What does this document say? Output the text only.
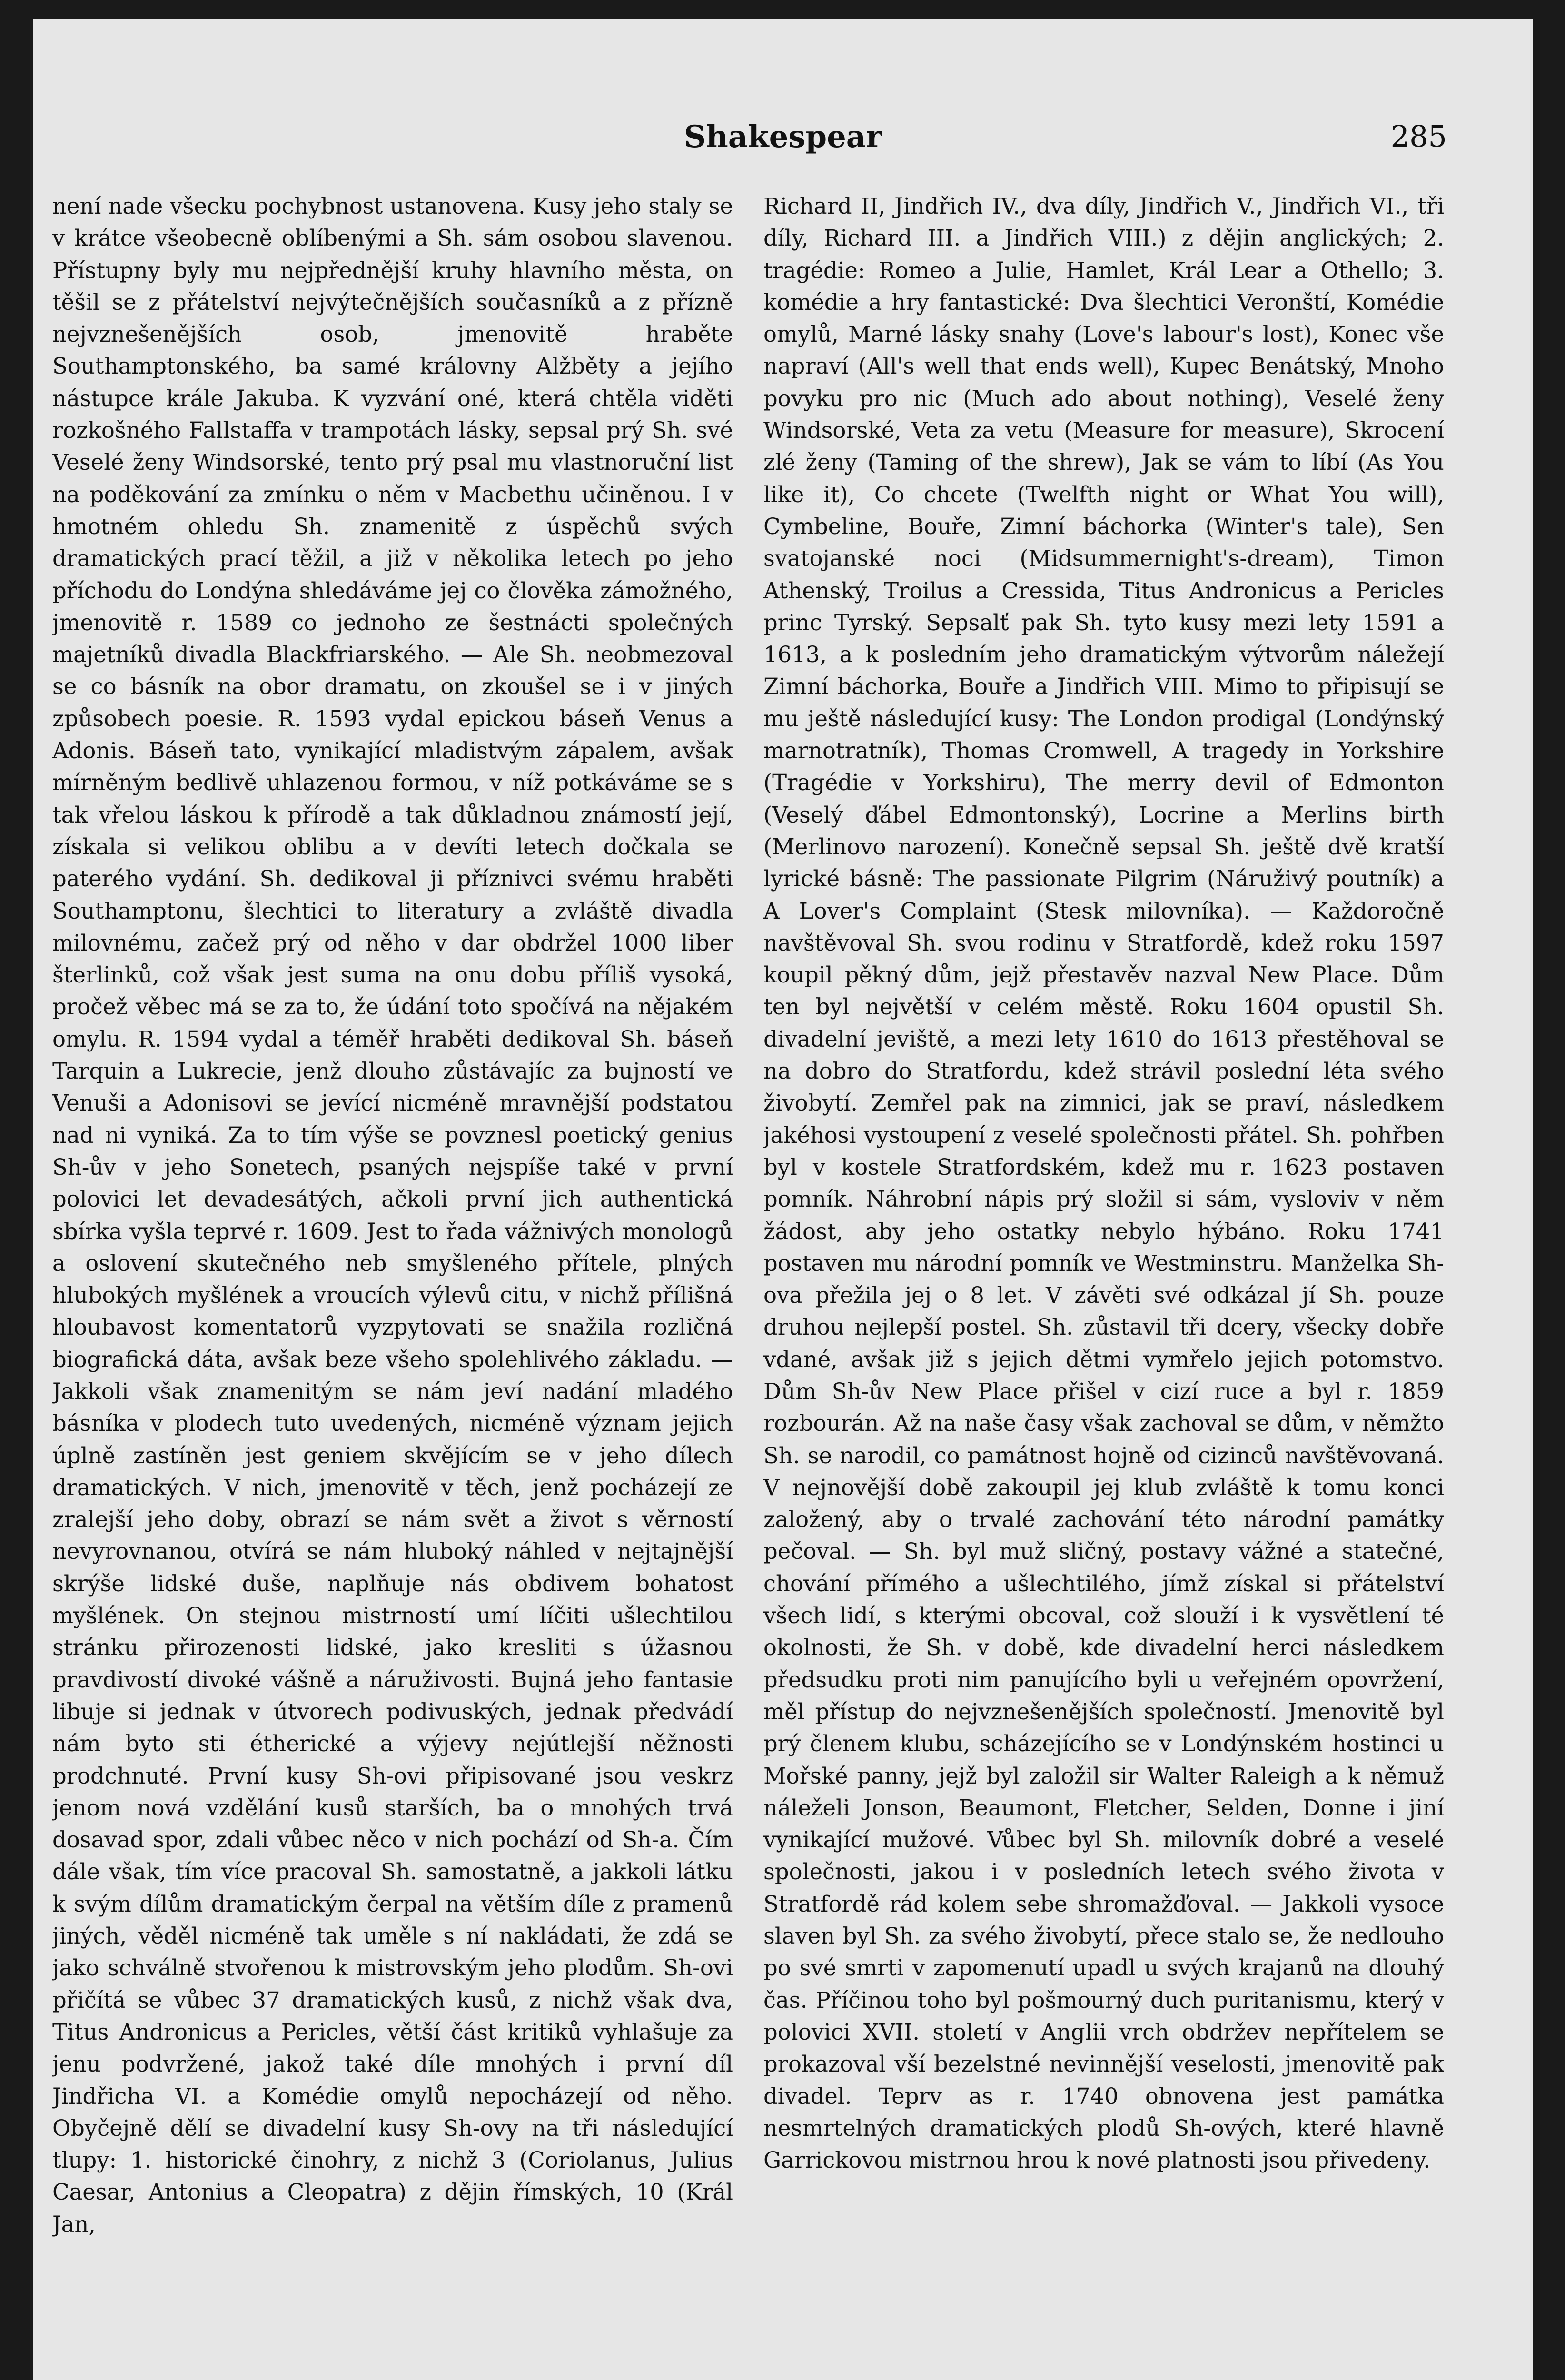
Shakespear	285

není nade všecku pochybnost ustanovena. Kusy jeho staly se v krátce všeobecně oblíbenými a Sh. sám osobou slavenou. Přístupny byly mu nejpřednější kruhy hlavního města, on těšil se z přátelství nejvýtečnějších současníků a z přízně nejvznešenějších osob, jmenovitě hraběte Southamptonského, ba samé královny Alžběty a jejího nástupce krále Jakuba. K vyzvání oné, která chtěla viděti rozkošného Fallstaffa v trampotách lásky, sepsal prý Sh. své Veselé ženy Windsorské, tento prý psal mu vlastnoruční list na poděkování za zmínku o něm v Macbethu učiněnou. I v hmotném ohledu Sh. znamenitě z úspěchů svých dramatických prací těžil, a již v několika letech po jeho příchodu do Londýna shledáváme jej co člověka zámožného, jmenovitě r. 1589 co jednoho ze šestnácti společných majetníků divadla Blackfriarského. — Ale Sh. neobmezoval se co básník na obor dramatu, on zkoušel se i v jiných způsobech poesie. R. 1593 vydal epickou báseň Venus a Adonis. Báseň tato, vynikající mladistvým zápalem, avšak mírněným bedlivě uhlazenou formou, v níž potkáváme se s tak vřelou láskou k přírodě a tak důkladnou známostí její, získala si velikou oblibu a v devíti letech dočkala se paterého vydání. Sh. dedikoval ji příznivci svému hraběti Southamptonu, šlechtici to literatury a zvláště divadla milovnému, začež prý od něho v dar obdržel 1000 liber šterlinků, což však jest suma na onu dobu příliš vysoká, pročež věbec má se za to, že údání toto spočívá na nějakém omylu. R. 1594 vydal a téměř hraběti dedikoval Sh. báseň Tarquin a Lukrecie, jenž dlouho zůstávajíc za bujností ve Venuši a Adonisovi se jevící nicméně mravnější podstatou nad ni vyniká. Za to tím výše se povznesl poetický genius Sh-ův v jeho Sonetech, psaných nejspíše také v první polovici let devadesátých, ačkoli první jich authentická sbírka vyšla teprvé r. 1609. Jest to řada vážnivých monologů a oslovení skutečného neb smyšleného přítele, plných hlubokých myšlének a vroucích výlevů citu, v nichž přílišná hloubavost komentatorů vyzpytovati se snažila rozličná biografická dáta, avšak beze všeho spolehlivého základu. — Jakkoli však znamenitým se nám jeví nadání mladého básníka v plodech tuto uvedených, nicméně význam jejich úplně zastíněn jest geniem skvějícím se v jeho dílech dramatických. V nich, jmenovitě v těch, jenž pocházejí ze zralejší jeho doby, obrazí se nám svět a život s věrností nevyrovnanou, otvírá se nám hluboký náhled v nejtajnější skrýše lidské duše, naplňuje nás obdivem bohatost myšlének. On stejnou mistrností umí líčiti ušlechtilou stránku přirozenosti lidské, jako kresliti s úžasnou pravdivostí divoké vášně a náruživosti. Bujná jeho fantasie libuje si jednak v útvorech podivuských, jednak předvádí nám byto sti étherické a výjevy nejútlejší něžnosti prodchnuté. První kusy Sh-ovi připisované jsou veskrz jenom nová vzdělání kusů starších, ba o mnohých trvá dosavad spor, zdali vůbec něco v nich pochází od Sh-a. Čím dále však, tím více pracoval Sh. samostatně, a jakkoli látku k svým dílům dramatickým čerpal na větším díle z pramenů jiných, věděl nicméně tak uměle s ní nakládati, že zdá se jako schválně stvořenou k mistrovským jeho plodům. Sh-ovi přičítá se vůbec 37 dramatických kusů, z nichž však dva, Titus Andronicus a Pericles, větší část kritiků vyhlašuje za jenu podvržené, jakož také díle mnohých i první díl Jindřicha VI. a Komédie omylů nepocházejí od něho. Obyčejně dělí se divadelní kusy Sh-ovy na tři následující tlupy: 1. historické činohry, z nichž 3 (Coriolanus, Julius Caesar, Antonius a Cleopatra) z dějin římských, 10 (Král Jan,

Richard II, Jindřich IV., dva díly, Jindřich V., Jindřich VI., tři díly, Richard III. a Jindřich VIII.) z dějin anglických; 2. tragédie: Romeo a Julie, Hamlet, Král Lear a Othello; 3. komédie a hry fantastické: Dva šlechtici Veronští, Komédie omylů, Marné lásky snahy (Love's labour's lost), Konec vše napraví (All's well that ends well), Kupec Benátský, Mnoho povyku pro nic (Much ado about nothing), Veselé ženy Windsorské, Veta za vetu (Measure for measure), Skrocení zlé ženy (Taming of the shrew), Jak se vám to líbí (As You like it), Co chcete (Twelfth night or What You will), Cymbeline, Bouře, Zimní báchorka (Winter's tale), Sen svatojanské noci (Midsummernight's-dream), Timon Athenský, Troilus a Cressida, Titus Andronicus a Pericles princ Tyrský. Sepsalť pak Sh. tyto kusy mezi lety 1591 a 1613, a k posledním jeho dramatickým výtvorům náležejí Zimní báchorka, Bouře a Jindřich VIII. Mimo to připisují se mu ještě následující kusy: The London prodigal (Londýnský marnotratník), Thomas Cromwell, A tragedy in Yorkshire (Tragédie v Yorkshiru), The merry devil of Edmonton (Veselý ďábel Edmontonský), Locrine a Merlins birth (Merlinovo narození). Konečně sepsal Sh. ještě dvě kratší lyrické básně: The passionate Pilgrim (Náruživý poutník) a A Lover's Complaint (Stesk milovníka). — Každoročně navštěvoval Sh. svou rodinu v Stratfordě, kdež roku 1597 koupil pěkný dům, jejž přestavěv nazval New Place. Dům ten byl největší v celém městě. Roku 1604 opustil Sh. divadelní jeviště, a mezi lety 1610 do 1613 přestěhoval se na dobro do Stratfordu, kdež strávil poslední léta svého živobytí. Zemřel pak na zimnici, jak se praví, následkem jakéhosi vystoupení z veselé společnosti přátel. Sh. pohřben byl v kostele Stratfordském, kdež mu r. 1623 postaven pomník. Náhrobní nápis prý složil si sám, vysloviv v něm žádost, aby jeho ostatky nebylo hýbáno. Roku 1741 postaven mu národní pomník ve Westminstru. Manželka Sh-ova přežila jej o 8 let. V závěti své odkázal jí Sh. pouze druhou nejlepší postel. Sh. zůstavil tři dcery, všecky dobře vdané, avšak již s jejich dětmi vymřelo jejich potomstvo. Dům Sh-ův New Place přišel v cizí ruce a byl r. 1859 rozbourán. Až na naše časy však zachoval se dům, v němžto Sh. se narodil, co památnost hojně od cizinců navštěvovaná. V nejnovější době zakoupil jej klub zvláště k tomu konci založený, aby o trvalé zachování této národní památky pečoval. — Sh. byl muž sličný, postavy vážné a statečné, chování přímého a ušlechtilého, jímž získal si přátelství všech lidí, s kterými obcoval, což slouží i k vysvětlení té okolnosti, že Sh. v době, kde divadelní herci následkem předsudku proti nim panujícího byli u veřejném opovržení, měl přístup do nejvznešenějších společností. Jmenovitě byl prý členem klubu, scházejícího se v Londýnském hostinci u Mořské panny, jejž byl založil sir Walter Raleigh a k němuž náleželi Jonson, Beaumont, Fletcher, Selden, Donne i jiní vynikající mužové. Vůbec byl Sh. milovník dobré a veselé společnosti, jakou i v posledních letech svého života v Stratfordě rád kolem sebe shromažďoval. — Jakkoli vysoce slaven byl Sh. za svého živobytí, přece stalo se, že nedlouho po své smrti v zapomenutí upadl u svých krajanů na dlouhý čas. Příčinou toho byl pošmourný duch puritanismu, který v polovici XVII. století v Anglii vrch obdržev nepřítelem se prokazoval vší bezelstné nevinnější veselosti, jmenovitě pak divadel. Teprv as r. 1740 obnovena jest památka nesmrtelných dramatických plodů Sh-ových, které hlavně Garrickovou mistrnou hrou k nové platnosti jsou přivedeny.
